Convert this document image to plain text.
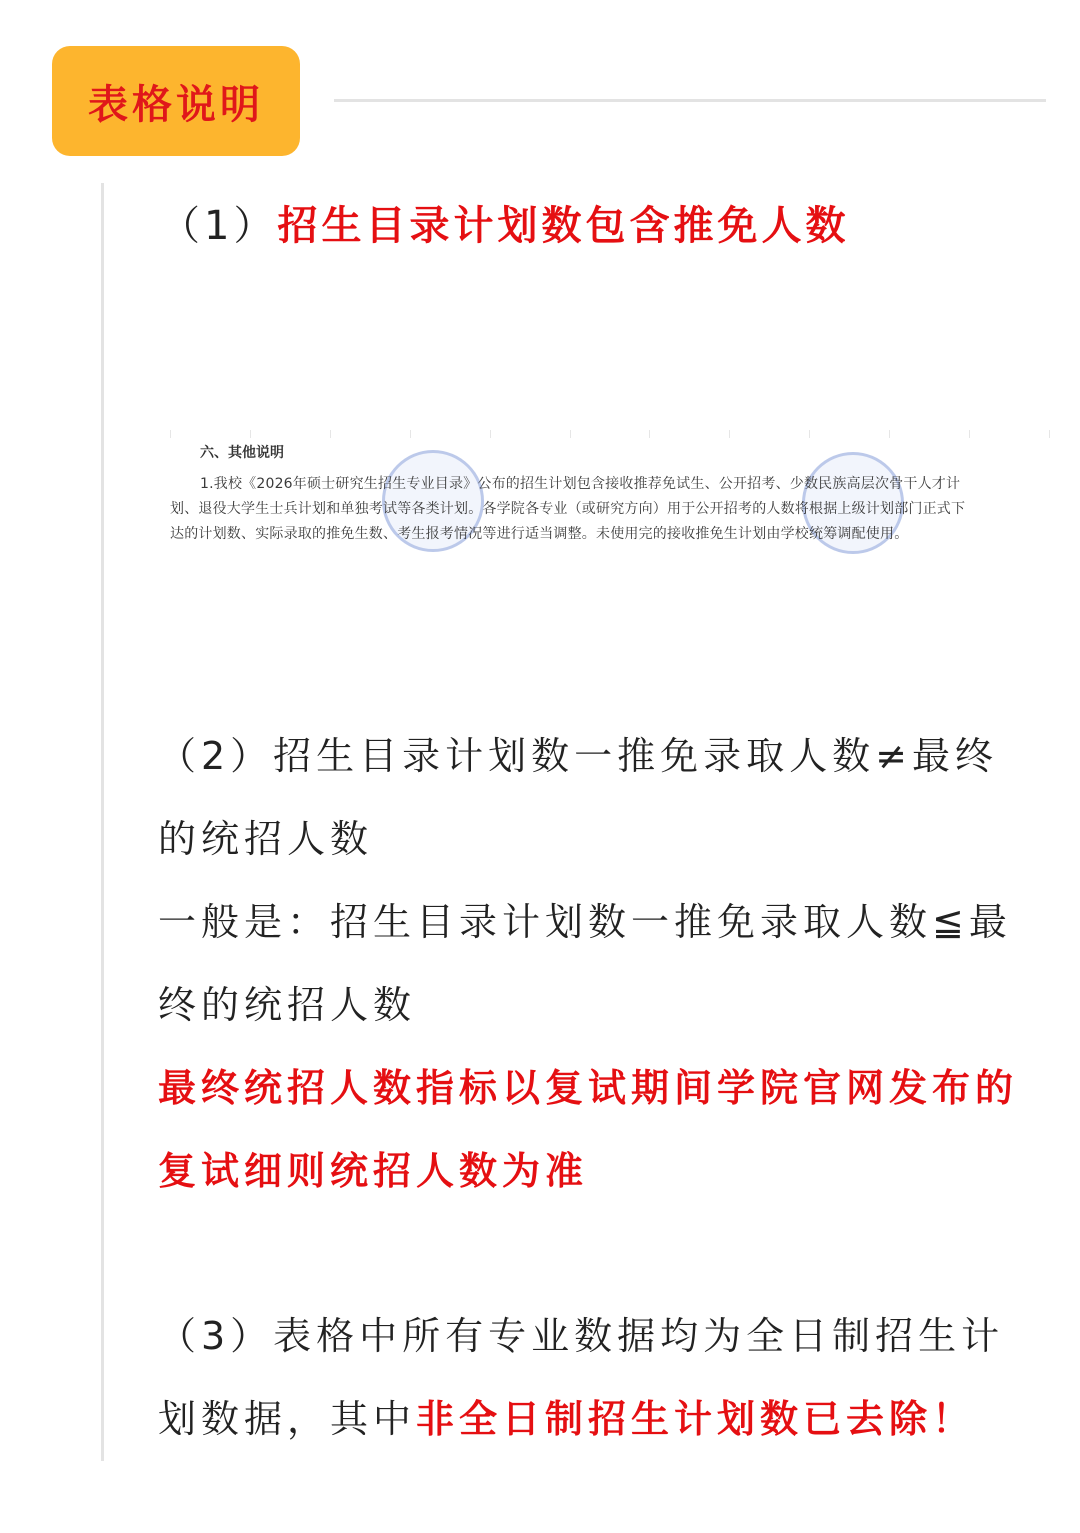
表格说明
（1）招生目录计划数包含推免人数
六、其他说明

1.我校《2026年硕士研究生招生专业目录》公布的招生计划包含接收推荐免试生、公开招考、少数民族高层次骨干人才计

划、退役大学生士兵计划和单独考试等各类计划。各学院各专业（或研究方向）用于公开招考的人数将根据上级计划部门正式下

达的计划数、实际录取的推免生数、考生报考情况等进行适当调整。未使用完的接收推免生计划由学校统筹调配使用。

（2）招生目录计划数一推免录取人数≠最终
的统招人数
一般是：招生目录计划数一推免录取人数≦最
终的统招人数
最终统招人数指标以复试期间学院官网发布的
复试细则统招人数为准
（3）表格中所有专业数据均为全日制招生计
划数据，其中非全日制招生计划数已去除！
